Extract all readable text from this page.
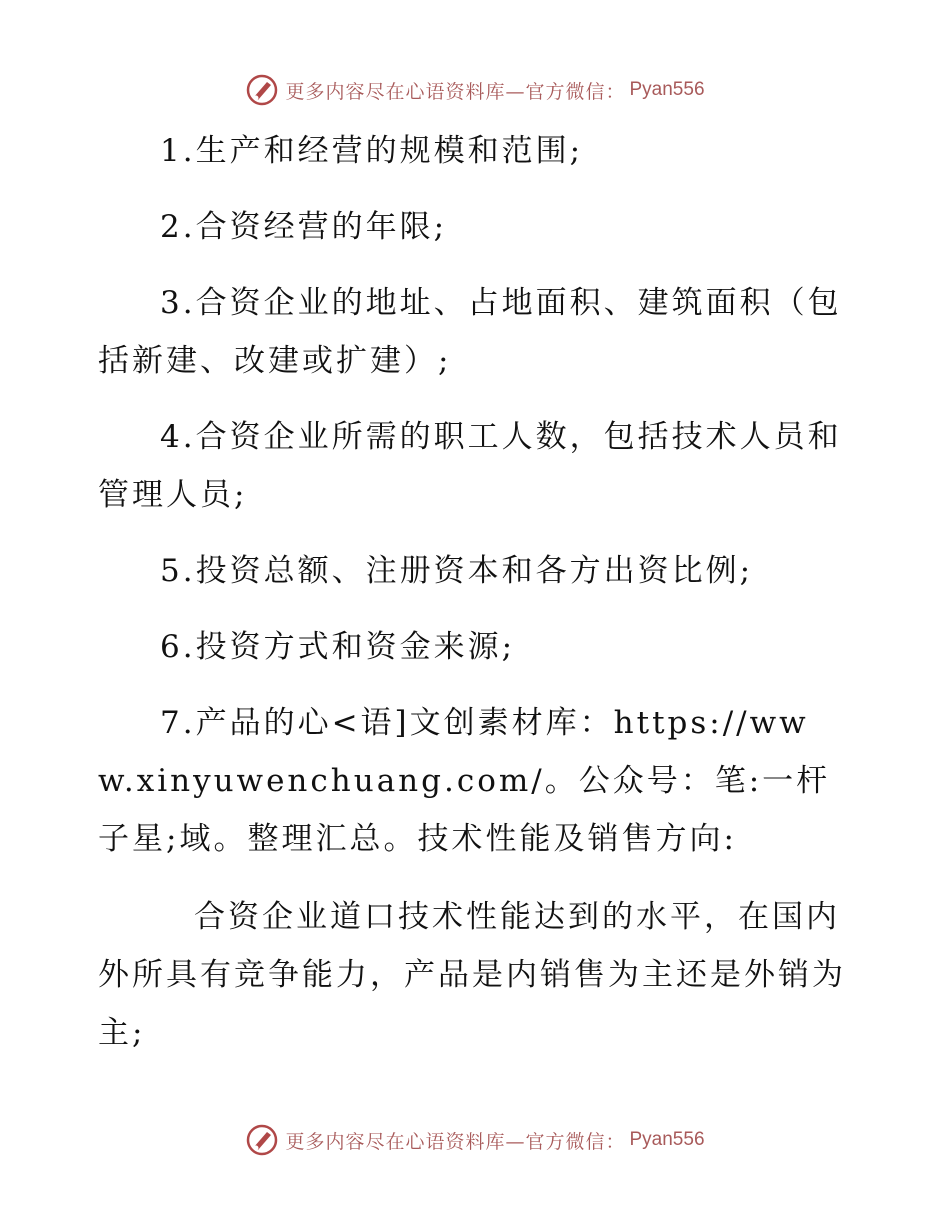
更多内容尽在心语资料库—官方微信： Pyan556

1.生产和经营的规模和范围;

2.合资经营的年限;

3.合资企业的地址、占地面积、建筑面积（包括新建、改建或扩建）;

4.合资企业所需的职工人数，包括技术人员和管理人员;

5.投资总额、注册资本和各方出资比例;

6.投资方式和资金来源;

7.产品的心<语]文创素材库：https://www.xinyuwenchuang.com/。公众号：笔:一杆子星;域。整理汇总。技术性能及销售方向:

合资企业道口技术性能达到的水平，在国内外所具有竞争能力，产品是内销售为主还是外销为主;

更多内容尽在心语资料库—官方微信： Pyan556
